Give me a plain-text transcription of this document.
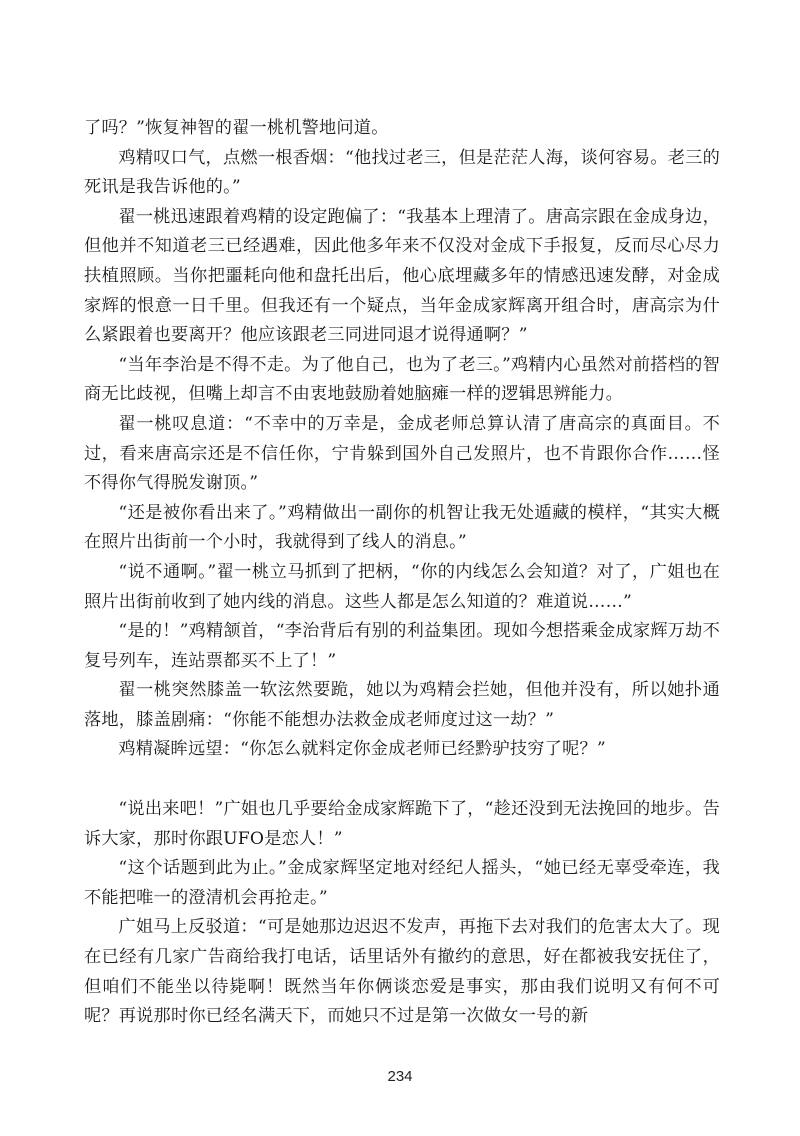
了吗？”恢复神智的翟一桃机警地问道。

鸡精叹口气，点燃一根香烟：“他找过老三，但是茫茫人海，谈何容易。老三的死讯是我告诉他的。”

翟一桃迅速跟着鸡精的设定跑偏了：“我基本上理清了。唐高宗跟在金成身边，但他并不知道老三已经遇难，因此他多年来不仅没对金成下手报复，反而尽心尽力扶植照顾。当你把噩耗向他和盘托出后，他心底埋藏多年的情感迅速发酵，对金成家辉的恨意一日千里。但我还有一个疑点，当年金成家辉离开组合时，唐高宗为什么紧跟着也要离开？他应该跟老三同进同退才说得通啊？”

“当年李治是不得不走。为了他自己，也为了老三。”鸡精内心虽然对前搭档的智商无比歧视，但嘴上却言不由衷地鼓励着她脑瘫一样的逻辑思辨能力。

翟一桃叹息道：“不幸中的万幸是，金成老师总算认清了唐高宗的真面目。不过，看来唐高宗还是不信任你，宁肯躲到国外自己发照片，也不肯跟你合作……怪不得你气得脱发谢顶。”

“还是被你看出来了。”鸡精做出一副你的机智让我无处遁藏的模样，“其实大概在照片出街前一个小时，我就得到了线人的消息。”

“说不通啊。”翟一桃立马抓到了把柄，“你的内线怎么会知道？对了，广姐也在照片出街前收到了她内线的消息。这些人都是怎么知道的？难道说……”

“是的！”鸡精颔首，“李治背后有别的利益集团。现如今想搭乘金成家辉万劫不复号列车，连站票都买不上了！”

翟一桃突然膝盖一软泫然要跪，她以为鸡精会拦她，但他并没有，所以她扑通落地，膝盖剧痛：“你能不能想办法救金成老师度过这一劫？”

鸡精凝眸远望：“你怎么就料定你金成老师已经黔驴技穷了呢？”

“说出来吧！”广姐也几乎要给金成家辉跪下了，“趁还没到无法挽回的地步。告诉大家，那时你跟UFO是恋人！”

“这个话题到此为止。”金成家辉坚定地对经纪人摇头，“她已经无辜受牵连，我不能把唯一的澄清机会再抢走。”

广姐马上反驳道：“可是她那边迟迟不发声，再拖下去对我们的危害太大了。现在已经有几家广告商给我打电话，话里话外有撤约的意思，好在都被我安抚住了，但咱们不能坐以待毙啊！既然当年你俩谈恋爱是事实，那由我们说明又有何不可呢？再说那时你已经名满天下，而她只不过是第一次做女一号的新

234
